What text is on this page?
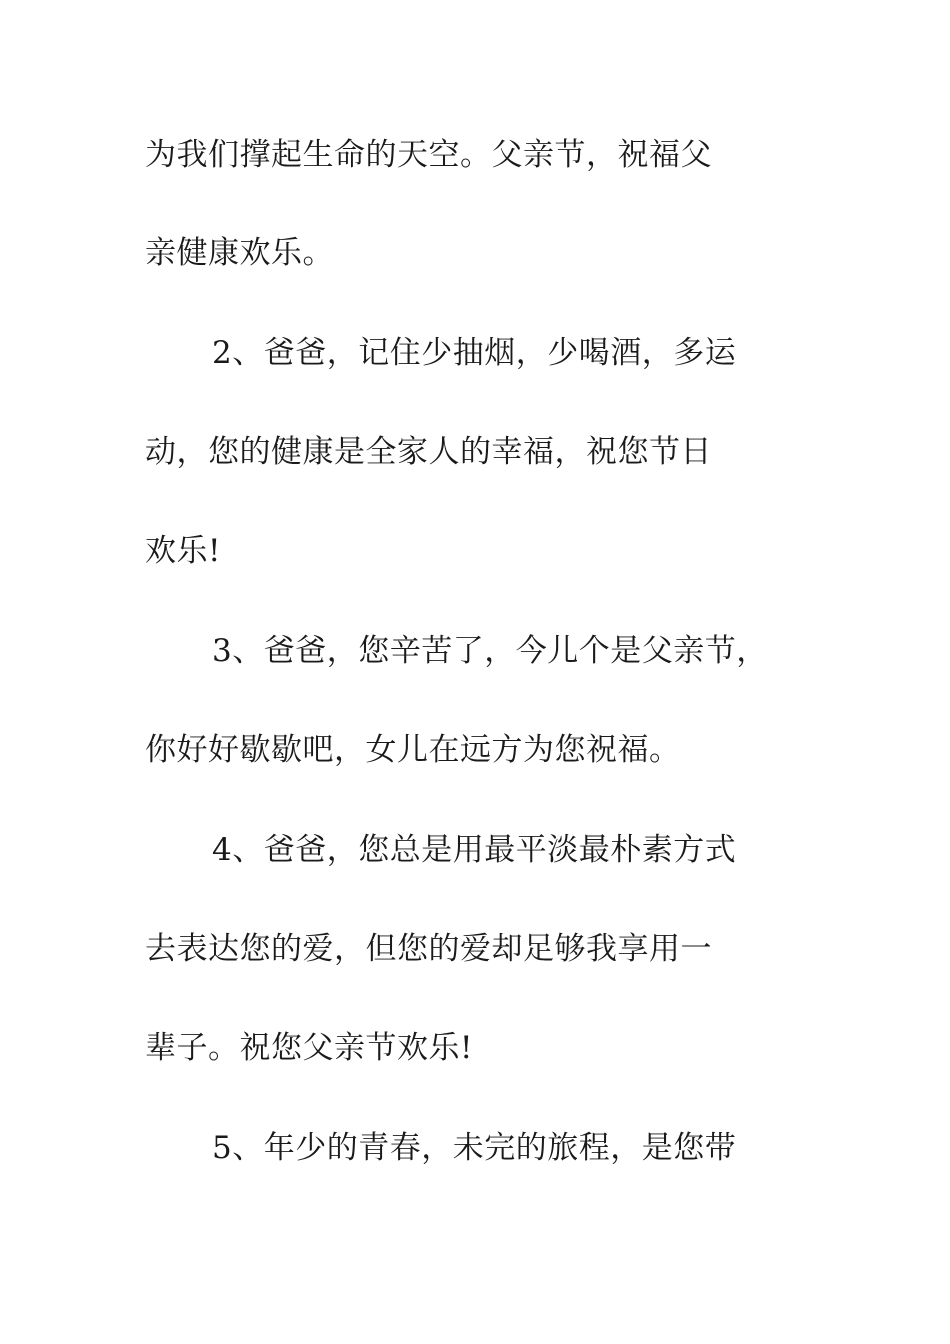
为我们撑起生命的天空。父亲节，祝福父
亲健康欢乐。
2、爸爸，记住少抽烟，少喝酒，多运
动，您的健康是全家人的幸福，祝您节日
欢乐!
3、爸爸，您辛苦了，今儿个是父亲节，
你好好歇歇吧，女儿在远方为您祝福。
4、爸爸，您总是用最平淡最朴素方式
去表达您的爱，但您的爱却足够我享用一
辈子。祝您父亲节欢乐!
5、年少的青春，未完的旅程，是您带
